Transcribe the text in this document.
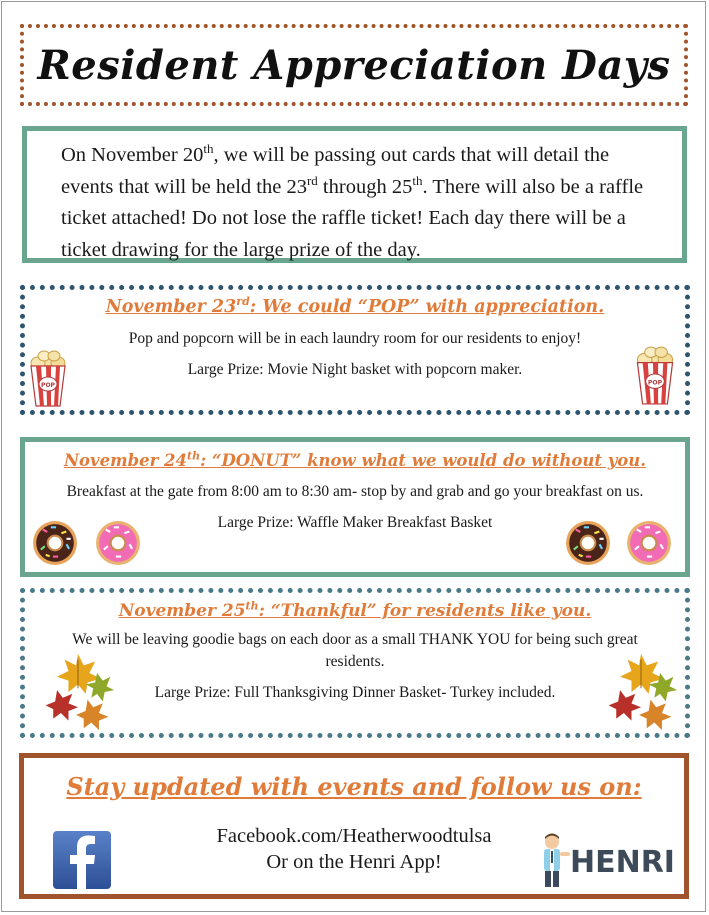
Resident Appreciation Days
On November 20th, we will be passing out cards that will detail the events that will be held the 23rd through 25th. There will also be a raffle ticket attached! Do not lose the raffle ticket! Each day there will be a ticket drawing for the large prize of the day.
November 23rd: We could “POP” with appreciation.
Pop and popcorn will be in each laundry room for our residents to enjoy!
Large Prize: Movie Night basket with popcorn maker.
November 24th: “DONUT” know what we would do without you.
Breakfast at the gate from 8:00 am to 8:30 am- stop by and grab and go your breakfast on us.
Large Prize: Waffle Maker Breakfast Basket
November 25th: “Thankful” for residents like you.
We will be leaving goodie bags on each door as a small THANK YOU for being such great residents.
Large Prize: Full Thanksgiving Dinner Basket- Turkey included.
Stay updated with events and follow us on:
Facebook.com/Heatherwoodtulsa
Or on the Henri App!	HENRI
